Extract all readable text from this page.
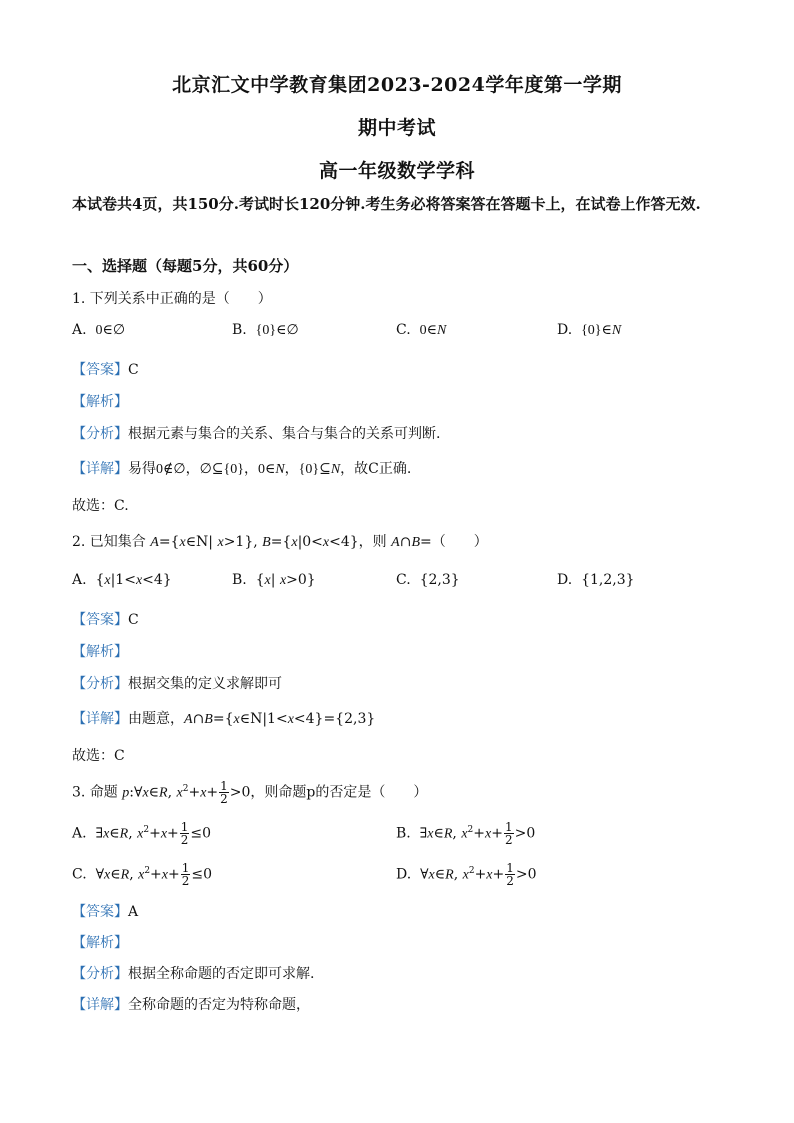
北京汇文中学教育集团2023-2024学年度第一学期
期中考试
高一年级数学学科
本试卷共4页，共150分.考试时长120分钟.考生务必将答案答在答题卡上，在试卷上作答无效.
一、选择题（每题5分，共60分）
1. 下列关系中正确的是（　　）
A.  0∈∅	B.  {0}∈∅	C.  0∈N	D.  {0}∈N
【答案】C
【解析】
【分析】根据元素与集合的关系、集合与集合的关系可判断.
【详解】易得0∉∅，∅⊆{0}，0∈N，{0}⊆N，故C正确.
故选：C.
2. 已知集合 A={x∈N| x>1}, B={x|0<x<4}，则 A∩B=（　　）
A.  {x|1<x<4}	B.  {x| x>0}	C.  {2,3}	D.  {1,2,3}
【答案】C
【解析】
【分析】根据交集的定义求解即可
【详解】由题意，A∩B={x∈N|1<x<4}={2,3}
故选：C
3. 命题 p:∀x∈R, $x^2+x+ \frac{1}{2} >0$，则命题p的否定是（　　）
A.  ∃x∈R, $x^2+x+ \frac{1}{2} \le 0$	B.  ∃x∈R, $x^2+x+ \frac{1}{2} >0$
C.  ∀x∈R, $x^2+x+ \frac{1}{2} \le 0$	D.  ∀x∈R, $x^2+x+ \frac{1}{2} >0$
【答案】A
【解析】
【分析】根据全称命题的否定即可求解.
【详解】全称命题的否定为特称命题，
